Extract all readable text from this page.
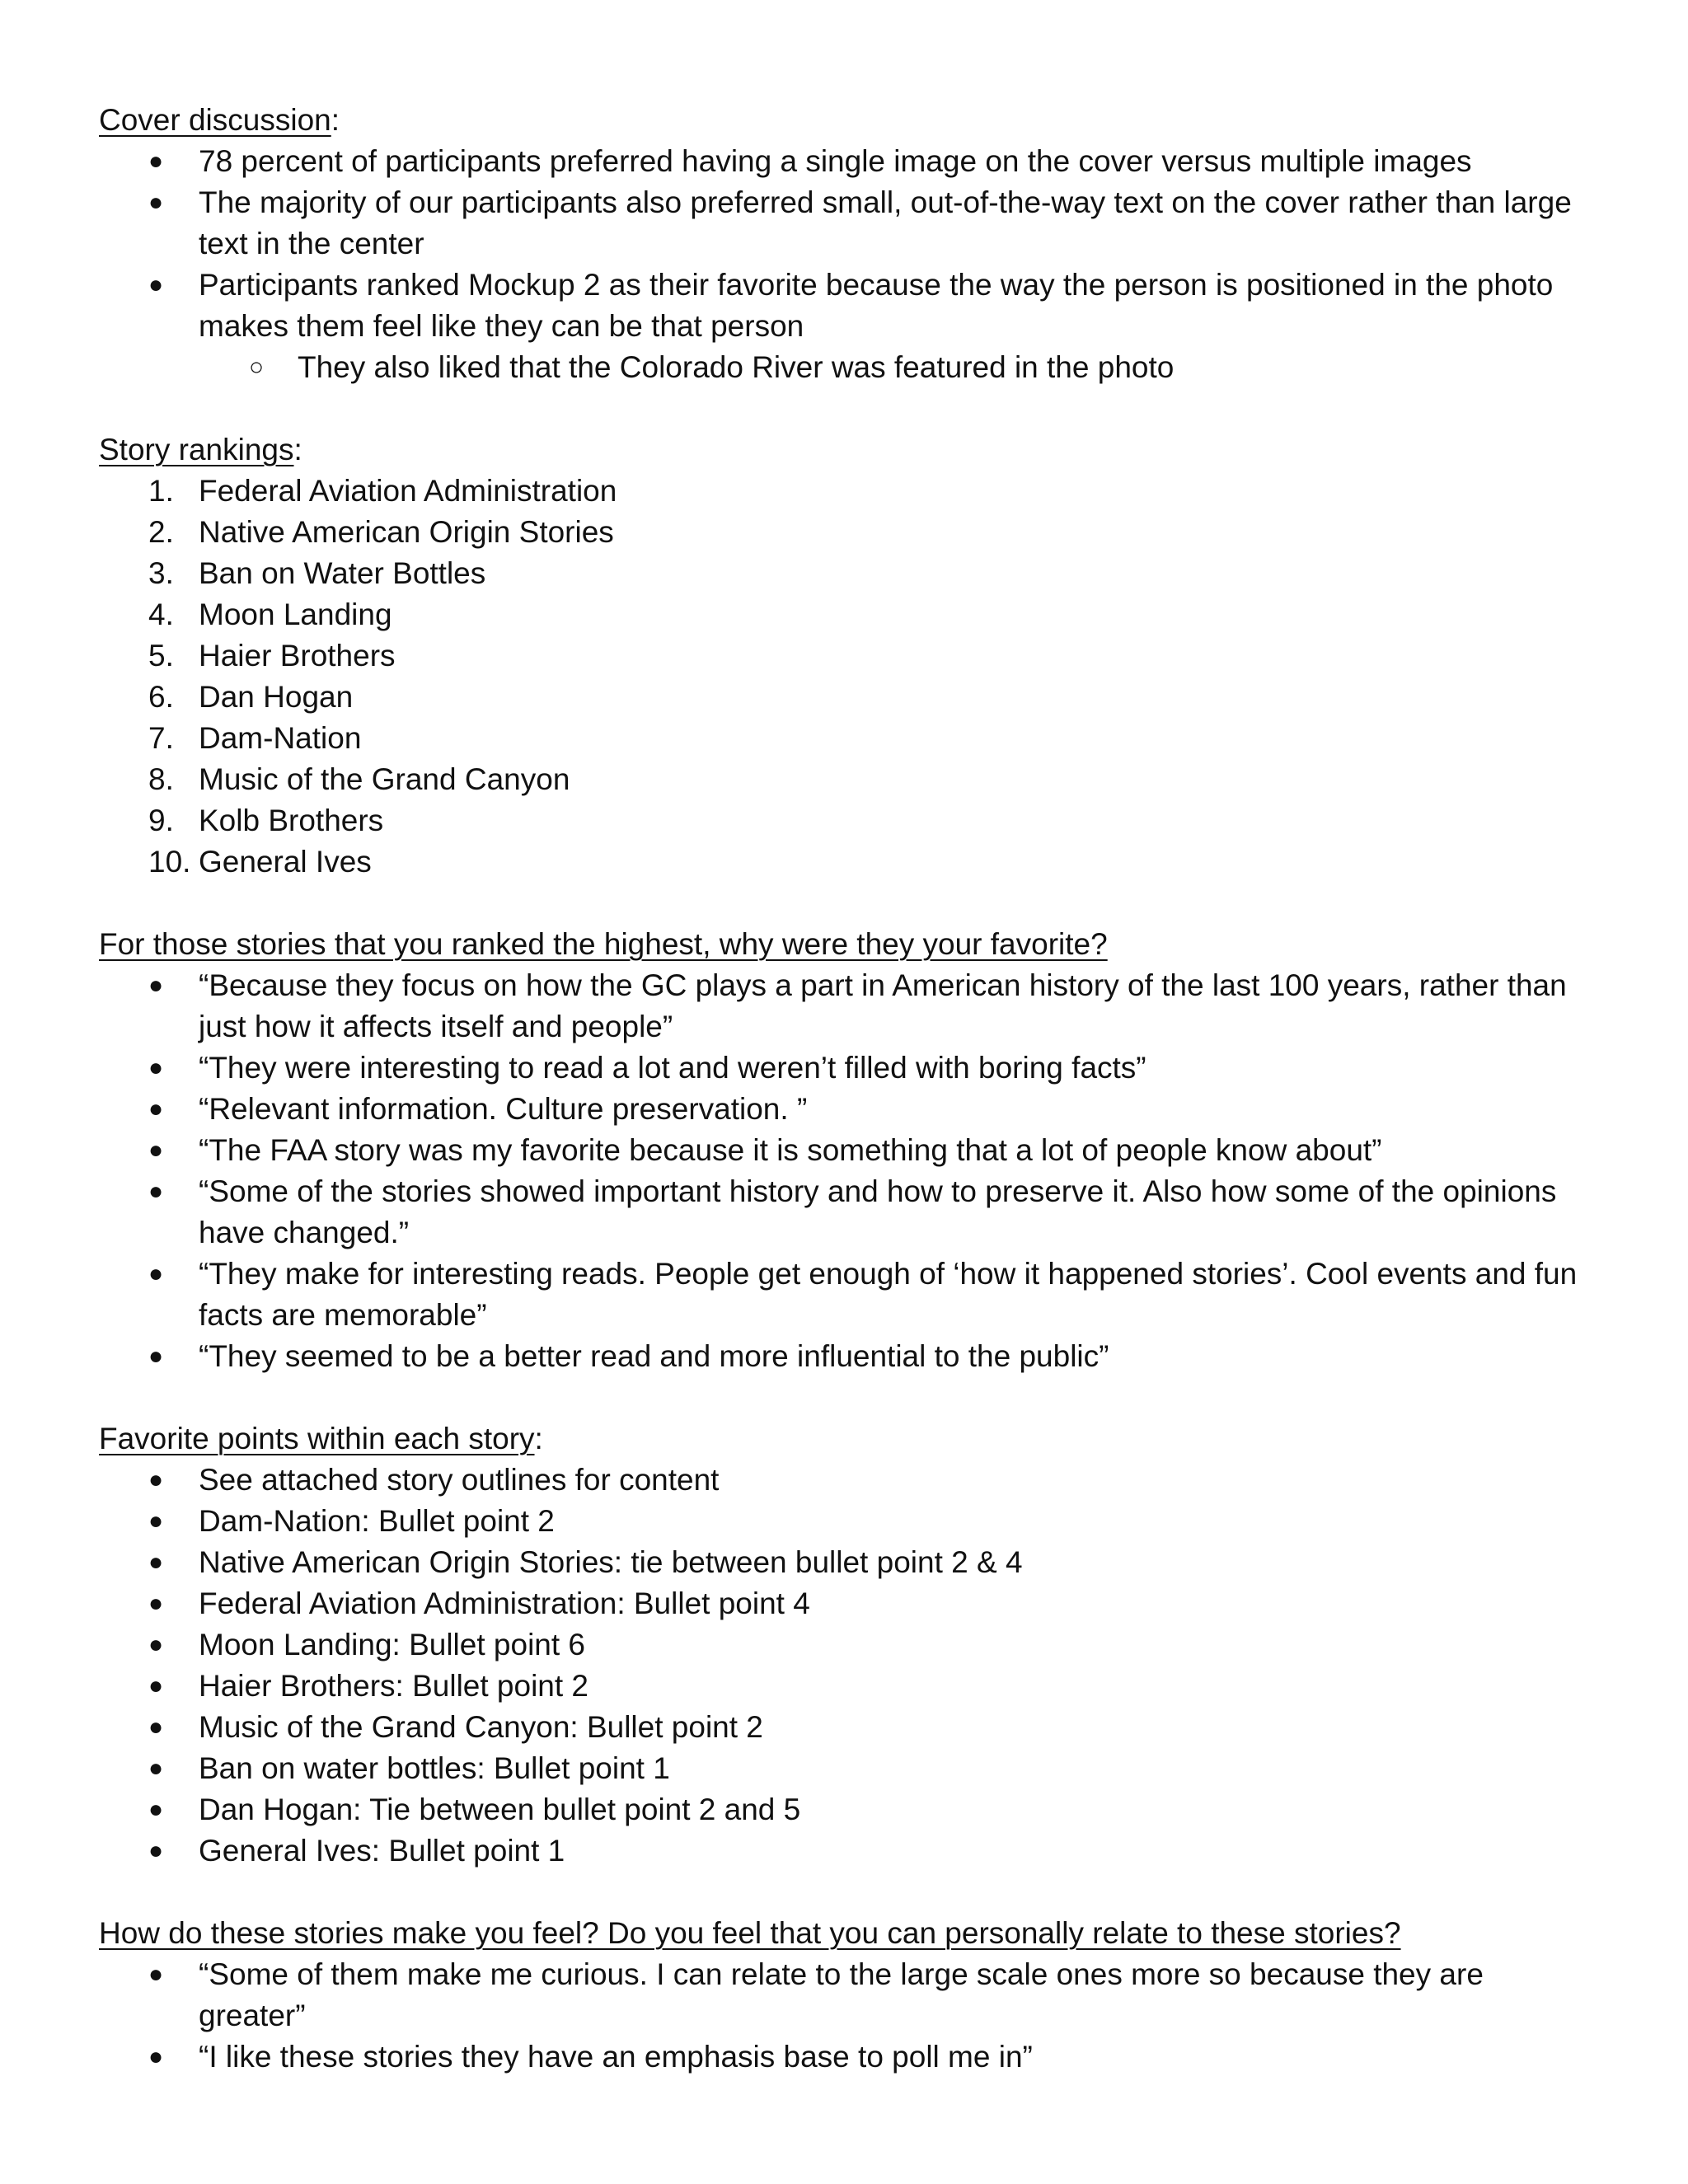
Cover discussion:

●	78 percent of participants preferred having a single image on the cover versus multiple images
●	The majority of our participants also preferred small, out-of-the-way text on the cover rather than large text in the center
●	Participants ranked Mockup 2 as their favorite because the way the person is positioned in the photo makes them feel like they can be that person
○ They also liked that the Colorado River was featured in the photo

Story rankings:

1. Federal Aviation Administration
2. Native American Origin Stories
3. Ban on Water Bottles
4. Moon Landing
5. Haier Brothers
6. Dan Hogan
7. Dam-Nation
8. Music of the Grand Canyon
9. Kolb Brothers
10. General Ives

For those stories that you ranked the highest, why were they your favorite?

●	“Because they focus on how the GC plays a part in American history of the last 100 years, rather than just how it affects itself and people”
●	“They were interesting to read a lot and weren’t filled with boring facts”
●	“Relevant information. Culture preservation. ”
●	“The FAA story was my favorite because it is something that a lot of people know about”
●	“Some of the stories showed important history and how to preserve it. Also how some of the opinions have changed.”
●	“They make for interesting reads. People get enough of ‘how it happened stories’. Cool events and fun facts are memorable”
●	“They seemed to be a better read and more influential to the public”

Favorite points within each story:

●	See attached story outlines for content
●	Dam-Nation: Bullet point 2
●	Native American Origin Stories: tie between bullet point 2 & 4
●	Federal Aviation Administration: Bullet point 4
●	Moon Landing: Bullet point 6
●	Haier Brothers: Bullet point 2
●	Music of the Grand Canyon: Bullet point 2
●	Ban on water bottles: Bullet point 1
●	Dan Hogan: Tie between bullet point 2 and 5
●	General Ives: Bullet point 1

How do these stories make you feel? Do you feel that you can personally relate to these stories?

●	“Some of them make me curious. I can relate to the large scale ones more so because they are greater”
●	“I like these stories they have an emphasis base to poll me in”
